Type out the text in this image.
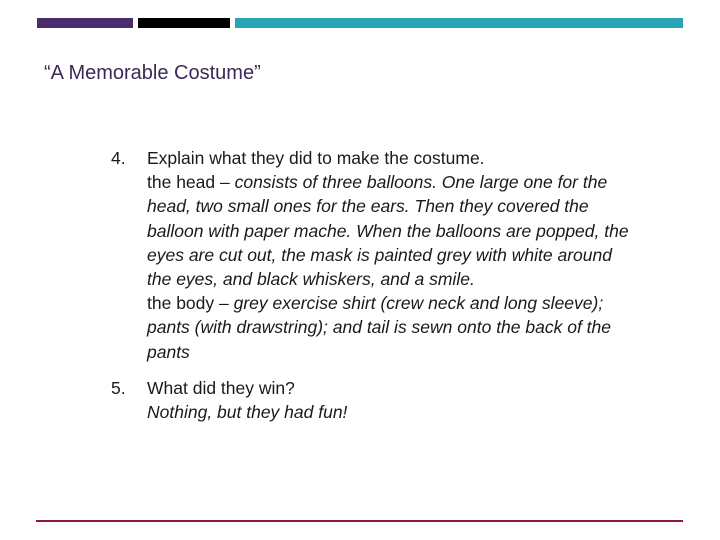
“A Memorable Costume”
4.	Explain what they did to make the costume.

the head – consists of three balloons. One large one for the head, two small ones for the ears. Then they covered the balloon with paper mache. When the balloons are popped, the eyes are cut out, the mask is painted grey with white around the eyes, and black whiskers, and a smile.

the body – grey exercise shirt (crew neck and long sleeve); pants (with drawstring); and tail is sewn onto the back of the pants

5.	What did they win?

Nothing, but they had fun!
